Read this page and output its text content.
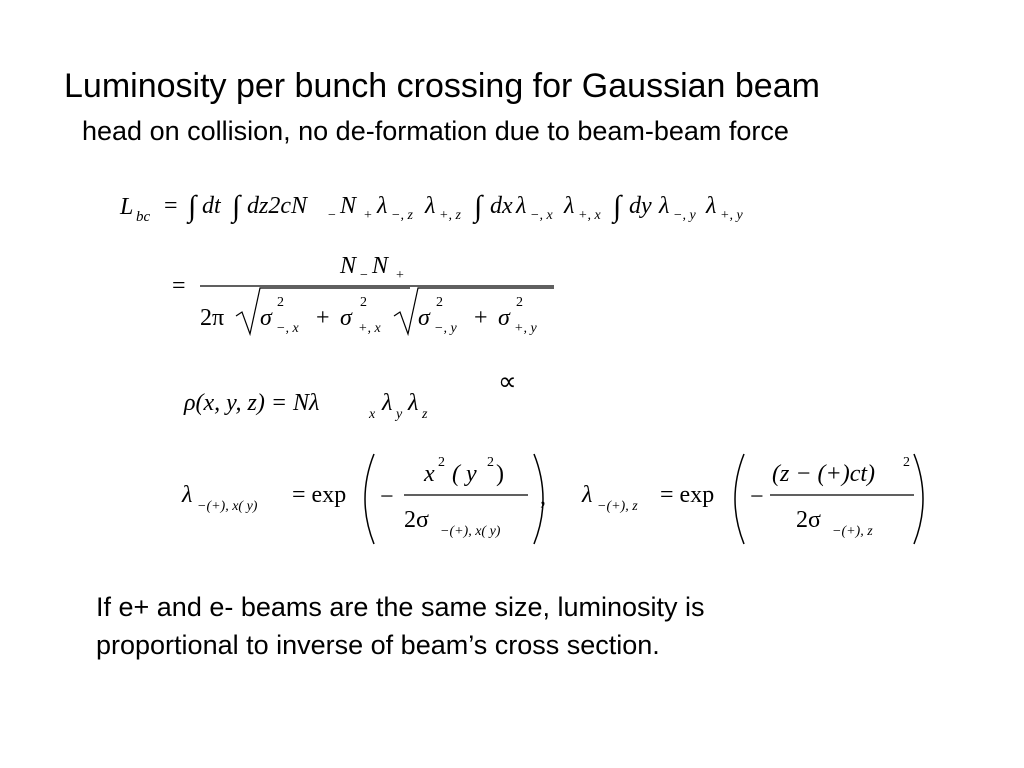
Luminosity per bunch crossing for Gaussian beam
head on collision, no de-formation due to beam-beam force
L bc = ∫ dt ∫ dz2cN − N + λ −, z λ +, z ∫ dx λ −, x λ +, x ∫ dy λ −, y λ +, y
=
N − N +
2π σ
2
−, x + σ
2
+, x σ
2
−, y + σ
2
+, y
∝
ρ(x, y, z) = Nλ	x λ y λ z
λ −(+), x( y) = exp −
x 2 ( y 2 )
2σ −(+), x( y)
, λ −(+), z = exp −
(z − (+)ct) 2
2σ −(+), z
If e+ and e- beams are the same size, luminosity is
proportional to inverse of beam’s cross section.
